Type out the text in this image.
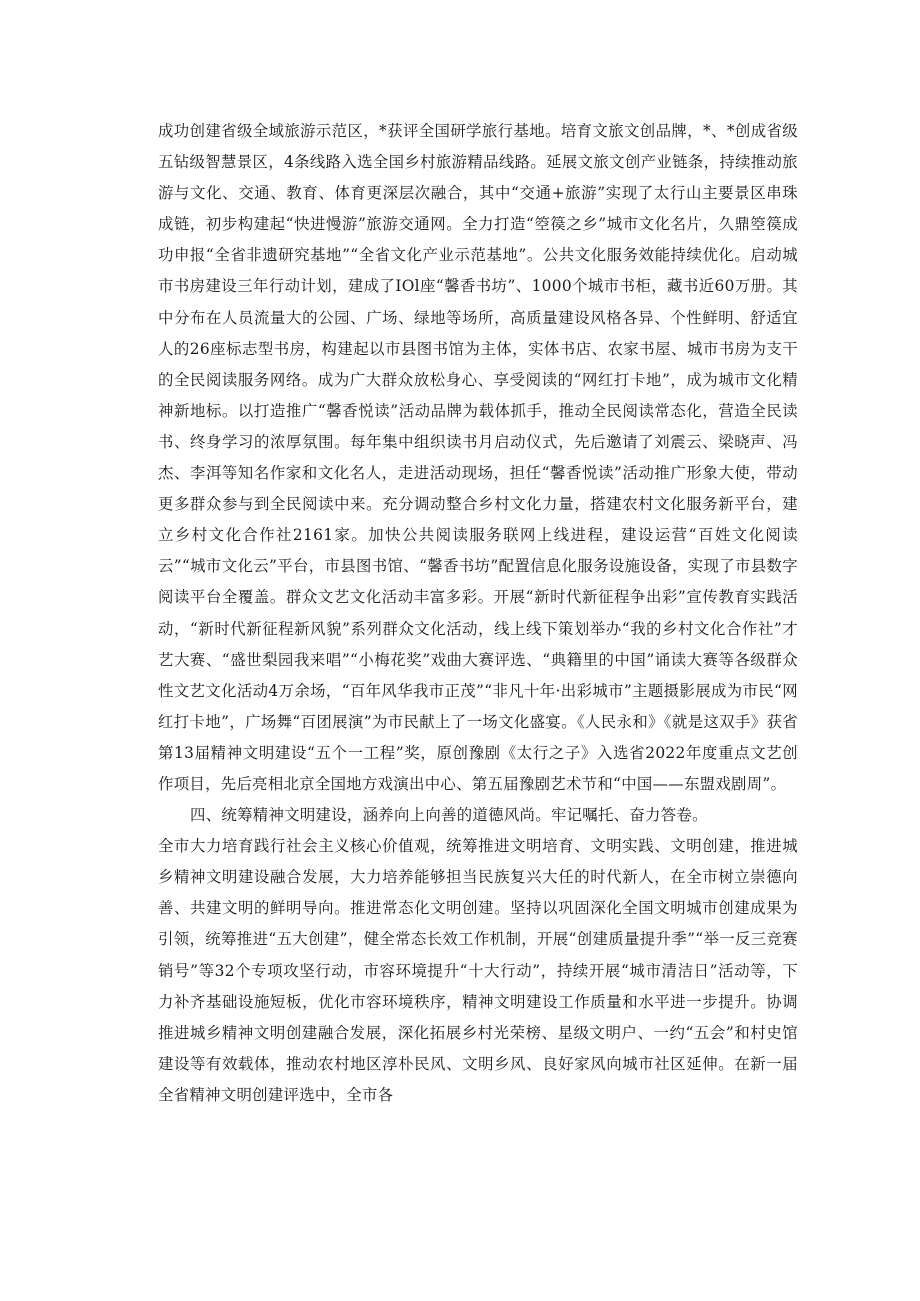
成功创建省级全域旅游示范区，*获评全国研学旅行基地。培育文旅文创品牌，*、*创成省级五钻级智慧景区，4条线路入选全国乡村旅游精品线路。延展文旅文创产业链条，持续推动旅游与文化、交通、教育、体育更深层次融合，其中“交通+旅游”实现了太行山主要景区串珠成链，初步构建起“快进慢游”旅游交通网。全力打造“箜篌之乡”城市文化名片，久鼎箜篌成功申报“全省非遗研究基地”“全省文化产业示范基地”。公共文化服务效能持续优化。启动城市书房建设三年行动计划，建成了IOl座“馨香书坊”、1000个城市书柜，藏书近60万册。其中分布在人员流量大的公园、广场、绿地等场所，高质量建设风格各异、个性鲜明、舒适宜人的26座标志型书房，构建起以市县图书馆为主体，实体书店、农家书屋、城市书房为支干的全民阅读服务网络。成为广大群众放松身心、享受阅读的“网红打卡地”，成为城市文化精神新地标。以打造推广“馨香悦读”活动品牌为载体抓手，推动全民阅读常态化，营造全民读书、终身学习的浓厚氛围。每年集中组织读书月启动仪式，先后邀请了刘震云、梁晓声、冯杰、李洱等知名作家和文化名人，走进活动现场，担任“馨香悦读”活动推广形象大使，带动更多群众参与到全民阅读中来。充分调动整合乡村文化力量，搭建农村文化服务新平台，建立乡村文化合作社2161家。加快公共阅读服务联网上线进程，建设运营“百姓文化阅读云”“城市文化云”平台，市县图书馆、“馨香书坊”配置信息化服务设施设备，实现了市县数字阅读平台全覆盖。群众文艺文化活动丰富多彩。开展“新时代新征程争出彩”宣传教育实践活动，“新时代新征程新风貌”系列群众文化活动，线上线下策划举办“我的乡村文化合作社”才艺大赛、“盛世梨园我来唱”“小梅花奖”戏曲大赛评选、“典籍里的中国”诵读大赛等各级群众性文艺文化活动4万余场，“百年风华我市正茂”“非凡十年·出彩城市”主题摄影展成为市民“网红打卡地”，广场舞“百团展演”为市民献上了一场文化盛宴。《人民永和》《就是这双手》获省第13届精神文明建设“五个一工程”奖，原创豫剧《太行之子》入选省2022年度重点文艺创作项目，先后亮相北京全国地方戏演出中心、第五届豫剧艺术节和“中国——东盟戏剧周”。

四、统筹精神文明建设，涵养向上向善的道德风尚。牢记嘱托、奋力答卷。

全市大力培育践行社会主义核心价值观，统筹推进文明培育、文明实践、文明创建，推进城乡精神文明建设融合发展，大力培养能够担当民族复兴大任的时代新人，在全市树立崇德向善、共建文明的鲜明导向。推进常态化文明创建。坚持以巩固深化全国文明城市创建成果为引领，统筹推进“五大创建”，健全常态长效工作机制，开展“创建质量提升季”“举一反三竞赛销号”等32个专项攻坚行动，市容环境提升“十大行动”，持续开展“城市清洁日”活动等，下力补齐基础设施短板，优化市容环境秩序，精神文明建设工作质量和水平进一步提升。协调推进城乡精神文明创建融合发展，深化拓展乡村光荣榜、星级文明户、一约“五会”和村史馆建设等有效载体，推动农村地区淳朴民风、文明乡风、良好家风向城市社区延伸。在新一届全省精神文明创建评选中，全市各
